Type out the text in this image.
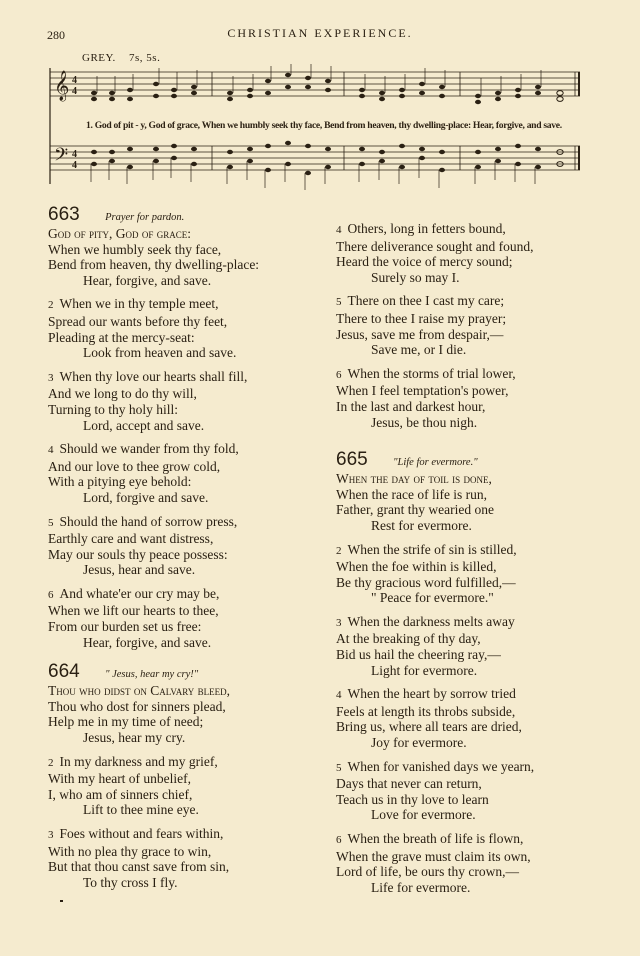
280	CHRISTIAN EXPERIENCE.
GREY. 7s, 5s.
𝄞
𝄢
4
4
4
4
1. God of pit - y, God of grace, When we humbly seek thy face, Bend from heaven, thy dwelling-place: Hear, forgive, and save.
663 Prayer for pardon.
God of pity, God of grace:
When we humbly seek thy face,
Bend from heaven, thy dwelling-place:
Hear, forgive, and save.
2 When we in thy temple meet,
Spread our wants before thy feet,
Pleading at the mercy-seat:
Look from heaven and save.
3 When thy love our hearts shall fill,
And we long to do thy will,
Turning to thy holy hill:
Lord, accept and save.
4 Should we wander from thy fold,
And our love to thee grow cold,
With a pitying eye behold:
Lord, forgive and save.
5 Should the hand of sorrow press,
Earthly care and want distress,
May our souls thy peace possess:
Jesus, hear and save.
6 And whate'er our cry may be,
When we lift our hearts to thee,
From our burden set us free:
Hear, forgive, and save.
664 " Jesus, hear my cry!"
Thou who didst on Calvary bleed,
Thou who dost for sinners plead,
Help me in my time of need;
Jesus, hear my cry.
2 In my darkness and my grief,
With my heart of unbelief,
I, who am of sinners chief,
Lift to thee mine eye.
3 Foes without and fears within,
With no plea thy grace to win,
But that thou canst save from sin,
To thy cross I fly.
4 Others, long in fetters bound,
There deliverance sought and found,
Heard the voice of mercy sound;
Surely so may I.
5 There on thee I cast my care;
There to thee I raise my prayer;
Jesus, save me from despair,—
Save me, or I die.
6 When the storms of trial lower,
When I feel temptation's power,
In the last and darkest hour,
Jesus, be thou nigh.
665 "Life for evermore."
When the day of toil is done,
When the race of life is run,
Father, grant thy wearied one
Rest for evermore.
2 When the strife of sin is stilled,
When the foe within is killed,
Be thy gracious word fulfilled,—
" Peace for evermore."
3 When the darkness melts away
At the breaking of thy day,
Bid us hail the cheering ray,—
Light for evermore.
4 When the heart by sorrow tried
Feels at length its throbs subside,
Bring us, where all tears are dried,
Joy for evermore.
5 When for vanished days we yearn,
Days that never can return,
Teach us in thy love to learn
Love for evermore.
6 When the breath of life is flown,
When the grave must claim its own,
Lord of life, be ours thy crown,—
Life for evermore.
